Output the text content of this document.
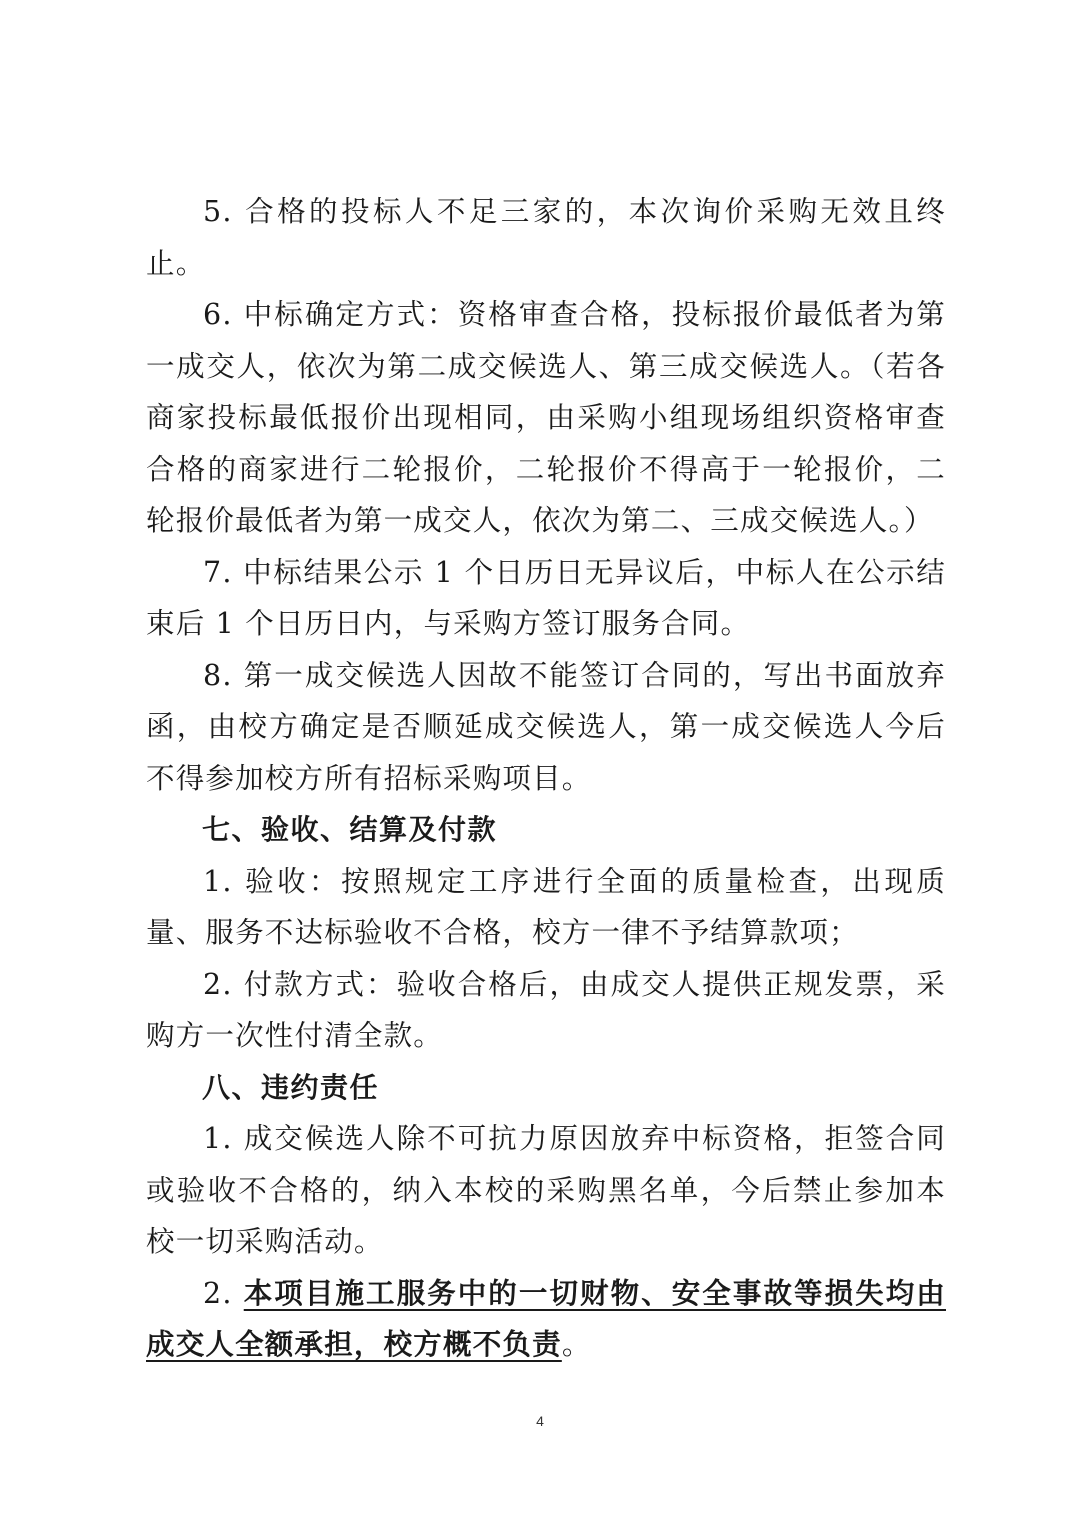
5. 合格的投标人不足三家的，本次询价采购无效且终止。

6. 中标确定方式：资格审查合格，投标报价最低者为第一成交人，依次为第二成交候选人、第三成交候选人。（若各商家投标最低报价出现相同，由采购小组现场组织资格审查合格的商家进行二轮报价，二轮报价不得高于一轮报价，二轮报价最低者为第一成交人，依次为第二、三成交候选人。）

7. 中标结果公示 1 个日历日无异议后，中标人在公示结束后 1 个日历日内，与采购方签订服务合同。

8. 第一成交候选人因故不能签订合同的，写出书面放弃函，由校方确定是否顺延成交候选人，第一成交候选人今后不得参加校方所有招标采购项目。

七、验收、结算及付款

1. 验收：按照规定工序进行全面的质量检查，出现质量、服务不达标验收不合格，校方一律不予结算款项；

2. 付款方式：验收合格后，由成交人提供正规发票，采购方一次性付清全款。

八、违约责任

1. 成交候选人除不可抗力原因放弃中标资格，拒签合同或验收不合格的，纳入本校的采购黑名单，今后禁止参加本校一切采购活动。

2. 本项目施工服务中的一切财物、安全事故等损失均由成交人全额承担，校方概不负责。

4
